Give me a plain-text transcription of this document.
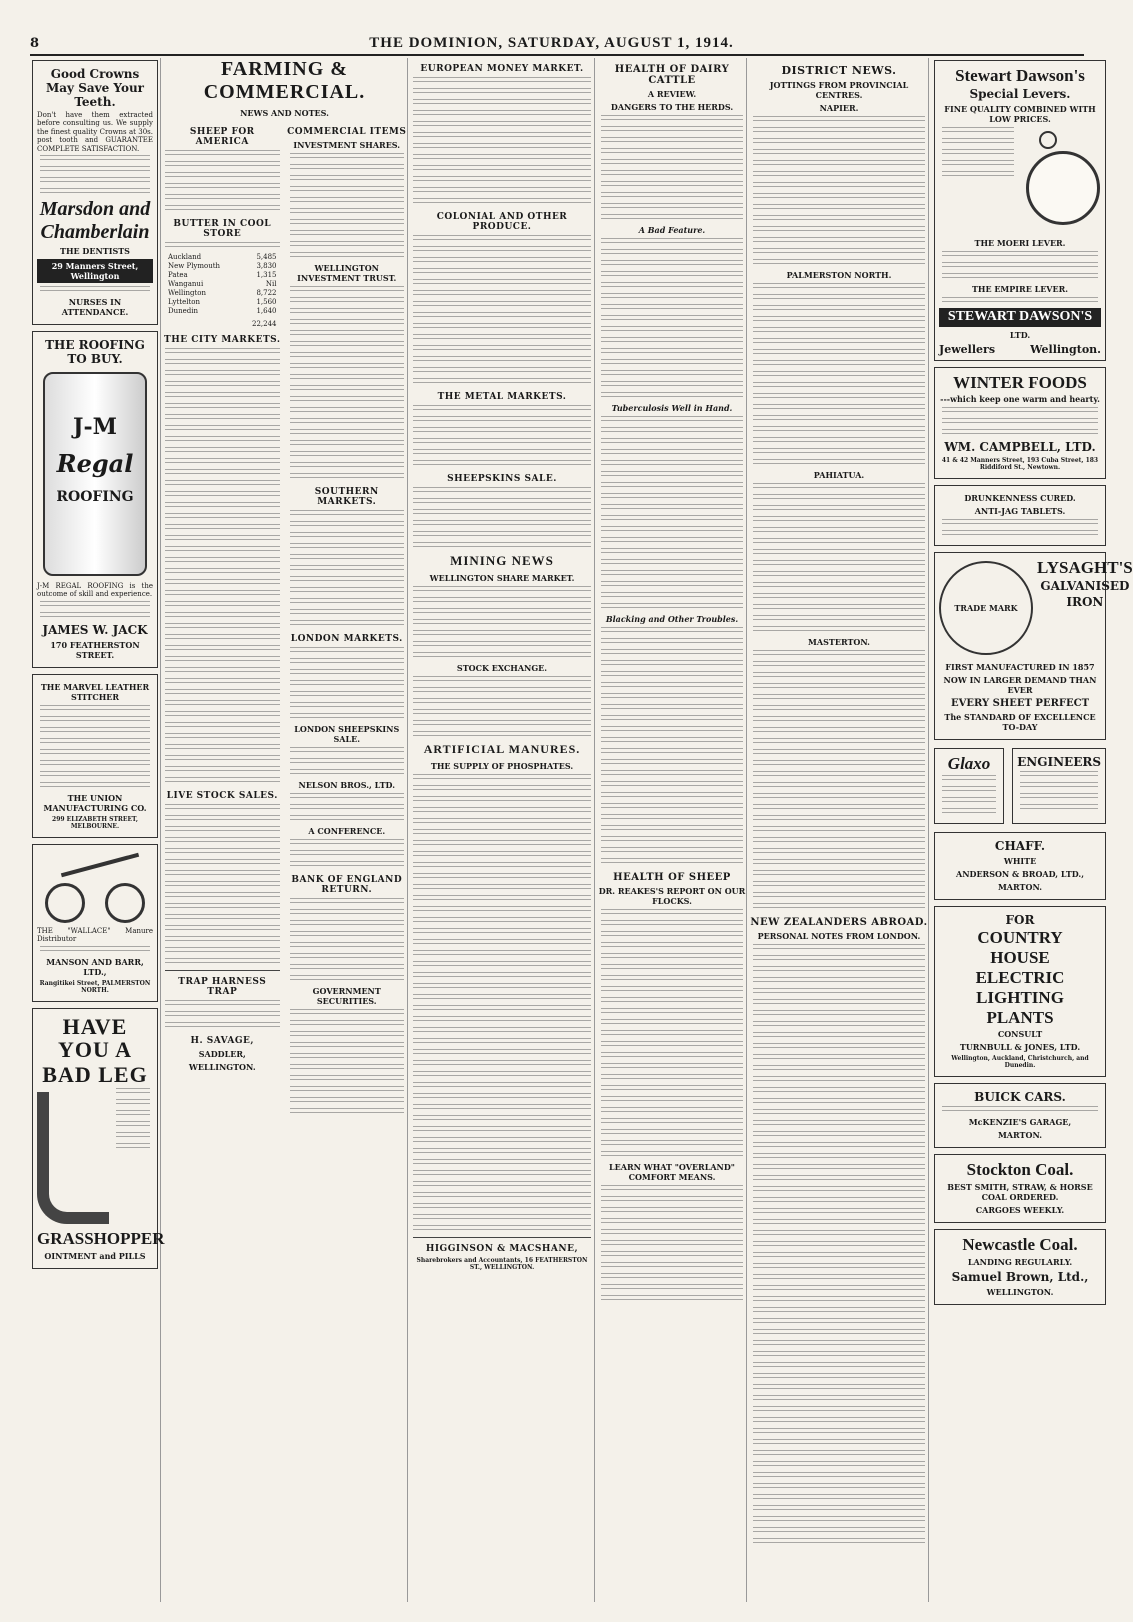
8	THE DOMINION, SATURDAY, AUGUST 1, 1914.
Good Crowns May Save Your Teeth.

Don't have them extracted before consulting us. We supply the finest quality Crowns at 30s. post tooth and GUARANTEE COMPLETE SATISFACTION.

Marsdon and
Chamberlain
THE DENTISTS
29 Manners Street, Wellington
NURSES IN ATTENDANCE.
THE ROOFING TO BUY.
J-M
Regal
ROOFING

J-M REGAL ROOFING is the outcome of skill and experience.

JAMES W. JACK
170 FEATHERSTON STREET.
THE MARVEL LEATHER STITCHER
THE UNION MANUFACTURING CO.
299 ELIZABETH STREET, MELBOURNE.

THE "WALLACE" Manure Distributor

MANSON AND BARR, LTD.,
Rangitikei Street, PALMERSTON NORTH.
HAVE YOU A
BAD LEG
GRASSHOPPER
OINTMENT and PILLS
FARMING & COMMERCIAL.
NEWS AND NOTES.
SHEEP FOR AMERICA
BUTTER IN COOL STORE
Auckland	5,485
New Plymouth	3,830
Patea	1,315
Wanganui	Nil
Wellington	8,722
Lyttelton	1,560
Dunedin	1,640
22,244
THE CITY MARKETS.
LIVE STOCK SALES.
TRAP HARNESS TRAP
H. SAVAGE,
SADDLER,
WELLINGTON.
COMMERCIAL ITEMS
INVESTMENT SHARES.
WELLINGTON INVESTMENT TRUST.
SOUTHERN MARKETS.
LONDON MARKETS.
LONDON SHEEPSKINS SALE.
NELSON BROS., LTD.
A CONFERENCE.
BANK OF ENGLAND RETURN.
GOVERNMENT SECURITIES.
EUROPEAN MONEY MARKET.
COLONIAL AND OTHER PRODUCE.
THE METAL MARKETS.
SHEEPSKINS SALE.
MINING NEWS
WELLINGTON SHARE MARKET.
STOCK EXCHANGE.
ARTIFICIAL MANURES.
THE SUPPLY OF PHOSPHATES.
HIGGINSON & MACSHANE,
Sharebrokers and Accountants, 16 FEATHERSTON ST., WELLINGTON.
HEALTH OF DAIRY CATTLE
A REVIEW.
DANGERS TO THE HERDS.
A Bad Feature.
Tuberculosis Well in Hand.
Blacking and Other Troubles.
HEALTH OF SHEEP
DR. REAKES'S REPORT ON OUR FLOCKS.
LEARN WHAT "OVERLAND" COMFORT MEANS.
DISTRICT NEWS.
JOTTINGS FROM PROVINCIAL CENTRES.
NAPIER.
PALMERSTON NORTH.
PAHIATUA.
MASTERTON.
NEW ZEALANDERS ABROAD.
PERSONAL NOTES FROM LONDON.
Stewart Dawson's
Special Levers.
FINE QUALITY COMBINED WITH LOW PRICES.
THE MOERI LEVER.
THE EMPIRE LEVER.
STEWART DAWSON'S
LTD.
Jewellers	Wellington.
WINTER FOODS
---which keep one warm and hearty.
WM. CAMPBELL, LTD.
41 & 42 Manners Street, 193 Cuba Street, 183 Riddiford St., Newtown.
DRUNKENNESS CURED.
ANTI-JAG TABLETS.
TRADE MARK
LYSAGHT'S
GALVANISED
IRON
FIRST MANUFACTURED IN 1857
NOW IN LARGER DEMAND THAN EVER
EVERY SHEET PERFECT
The STANDARD OF EXCELLENCE TO-DAY
Glaxo	ENGINEERS
CHAFF.
WHITE
ANDERSON & BROAD, LTD.,
MARTON.
FOR
COUNTRY
HOUSE
ELECTRIC
LIGHTING
PLANTS
CONSULT
TURNBULL & JONES, LTD.
Wellington, Auckland, Christchurch, and Dunedin.
BUICK CARS.
McKENZIE'S GARAGE,
MARTON.
Stockton Coal.
BEST SMITH, STRAW, & HORSE COAL ORDERED.
CARGOES WEEKLY.
Newcastle Coal.
LANDING REGULARLY.
Samuel Brown, Ltd.,
WELLINGTON.
